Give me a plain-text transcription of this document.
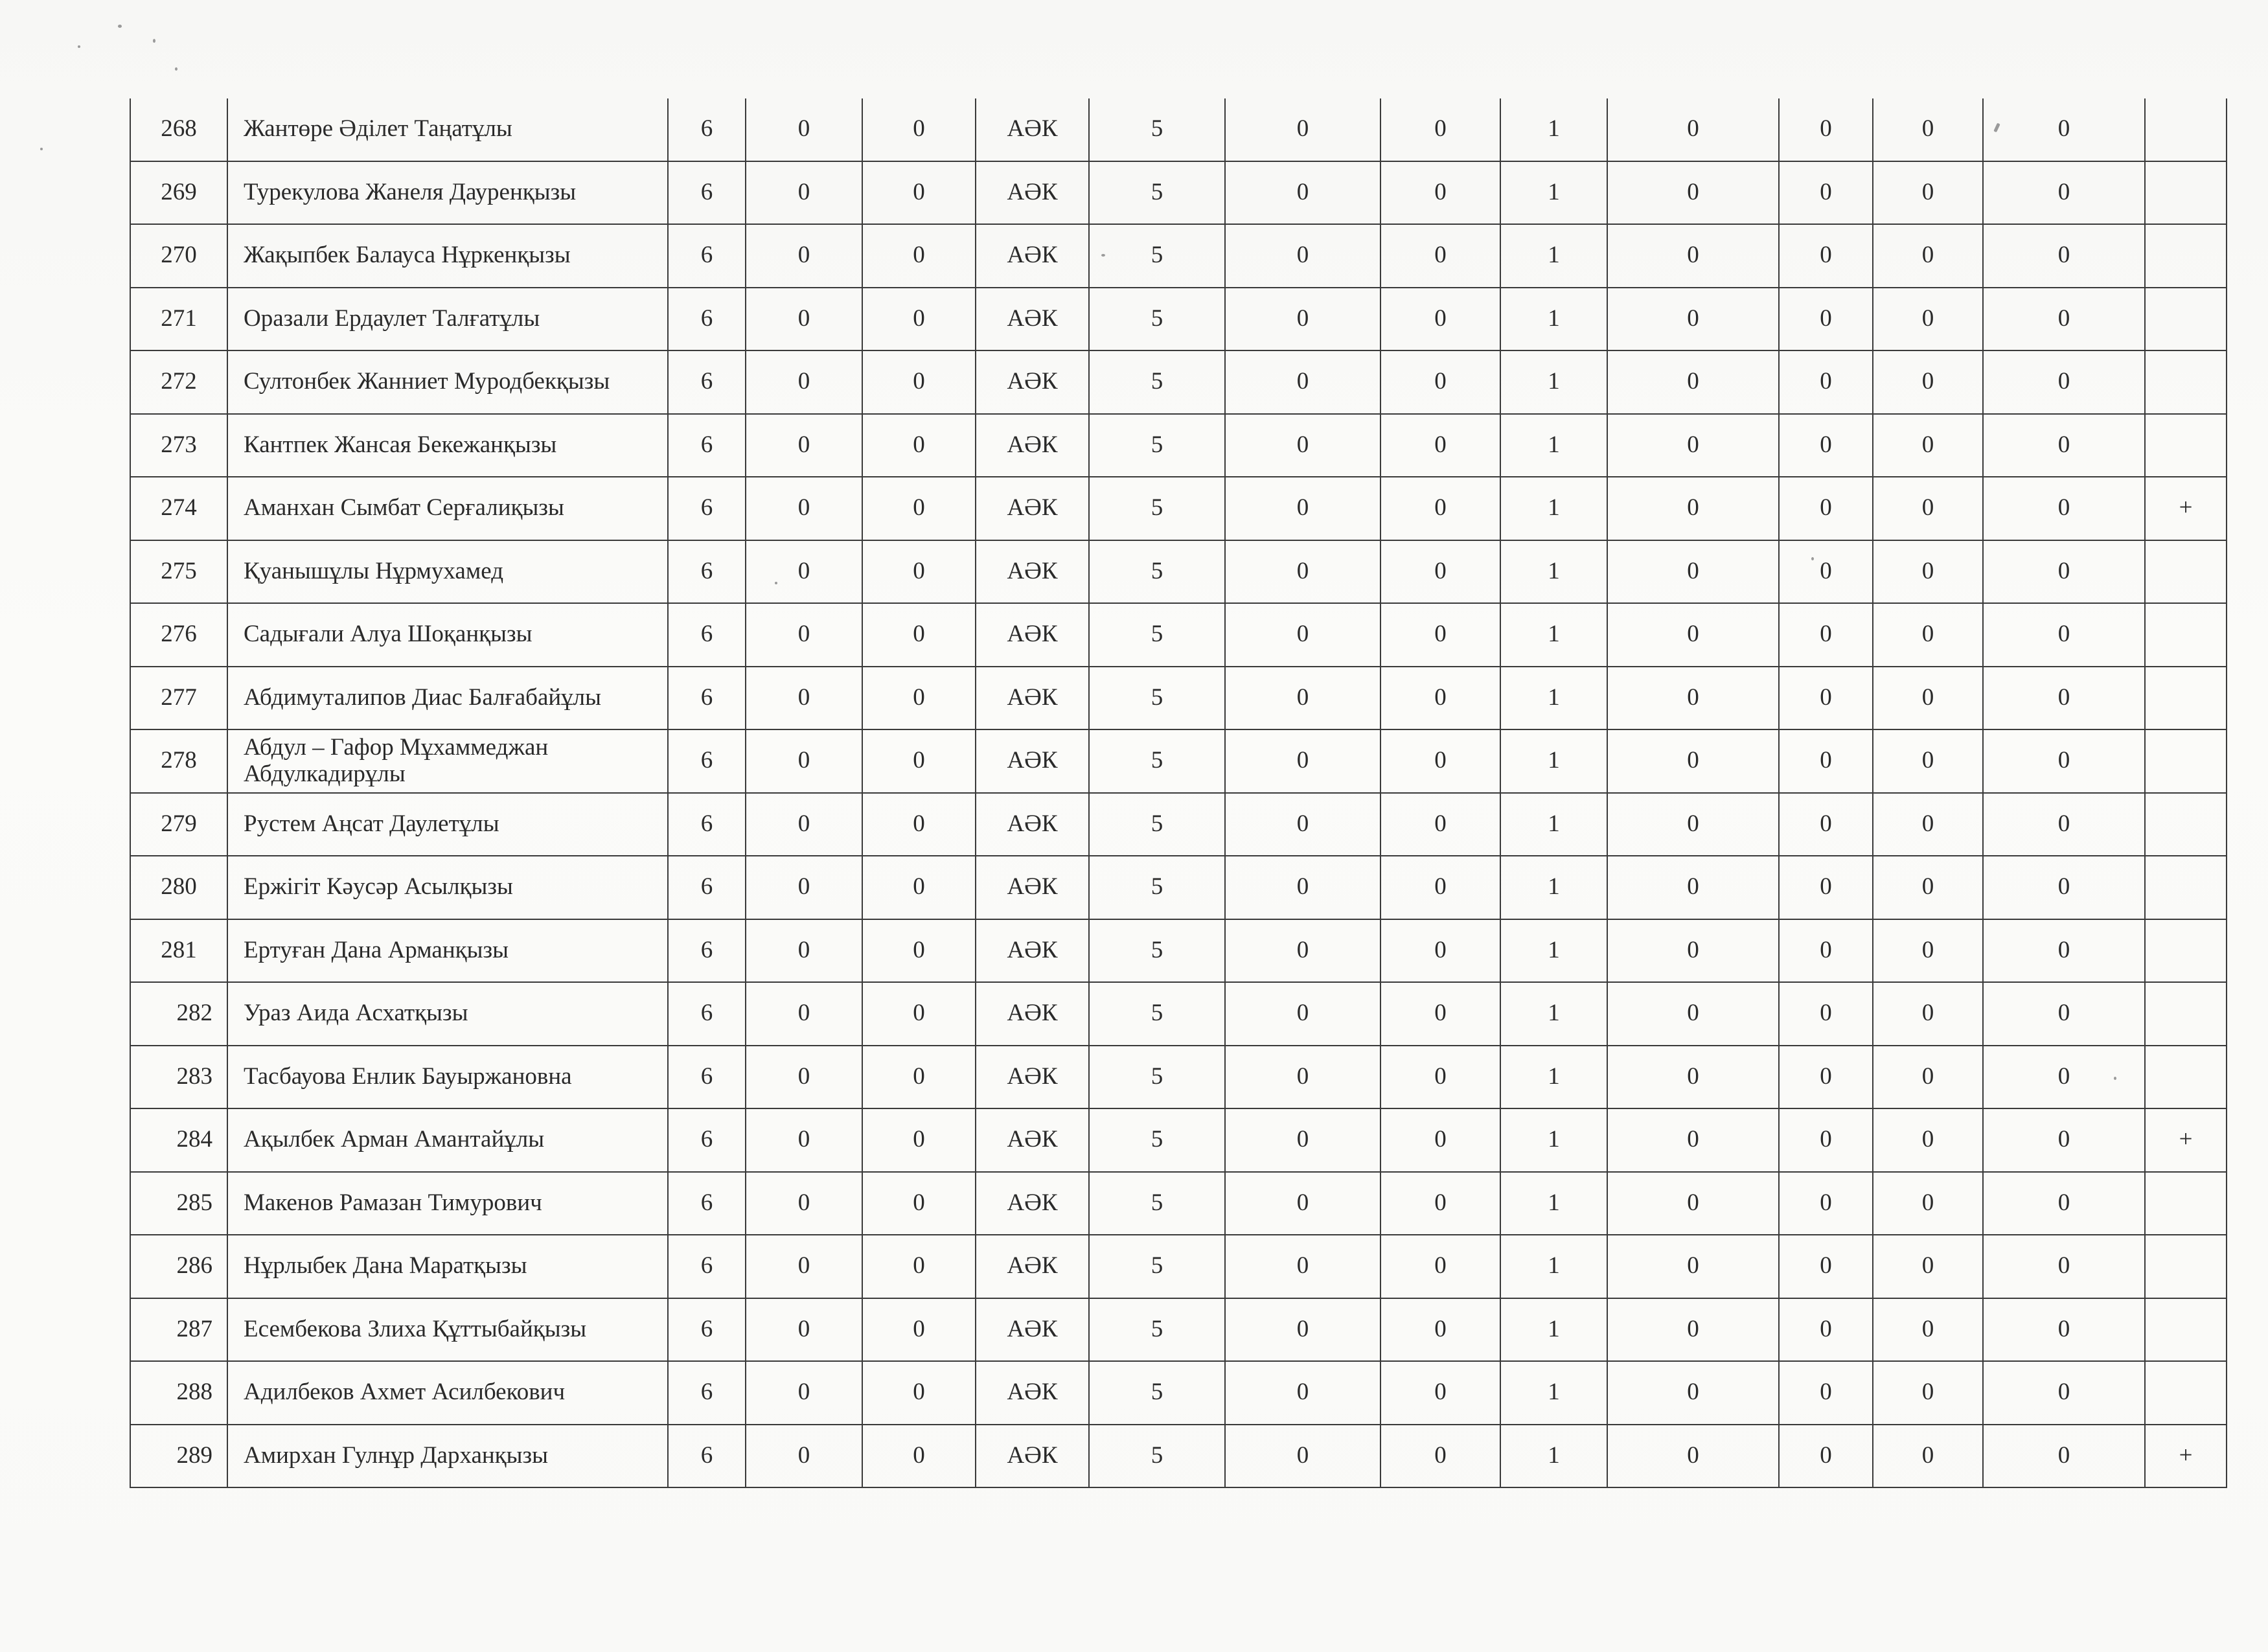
268	Жантөре Әділет Таңатұлы	6	0	0	АӘК	5	0	0	1	0	0	0	0	
269	Турекулова Жанеля Дауренқызы	6	0	0	АӘК	5	0	0	1	0	0	0	0	
270	Жақыпбек Балауса Нұркенқызы	6	0	0	АӘК	5	0	0	1	0	0	0	0	
271	Оразали Ердаулет Талғатұлы	6	0	0	АӘК	5	0	0	1	0	0	0	0	
272	Султонбек Жанниет Муродбекқызы	6	0	0	АӘК	5	0	0	1	0	0	0	0	
273	Кантпек Жансая Бекежанқызы	6	0	0	АӘК	5	0	0	1	0	0	0	0	
274	Аманхан Сымбат Серғалиқызы	6	0	0	АӘК	5	0	0	1	0	0	0	0	+
275	Қуанышұлы Нұрмухамед	6	0	0	АӘК	5	0	0	1	0	0	0	0	
276	Садығали Алуа Шоқанқызы	6	0	0	АӘК	5	0	0	1	0	0	0	0	
277	Абдимуталипов Диас Балғабайұлы	6	0	0	АӘК	5	0	0	1	0	0	0	0	
278	Абдул – Гафор Мұхаммеджан
Абдулкадирұлы	6	0	0	АӘК	5	0	0	1	0	0	0	0	
279	Рустем Аңсат Даулетұлы	6	0	0	АӘК	5	0	0	1	0	0	0	0	
280	Ержігіт Кәусәр Асылқызы	6	0	0	АӘК	5	0	0	1	0	0	0	0	
281	Ертуған Дана Арманқызы	6	0	0	АӘК	5	0	0	1	0	0	0	0	
282	Ураз Аида Асхатқызы	6	0	0	АӘК	5	0	0	1	0	0	0	0	
283	Тасбауова Енлик Бауыржановна	6	0	0	АӘК	5	0	0	1	0	0	0	0	
284	Ақылбек Арман Амантайұлы	6	0	0	АӘК	5	0	0	1	0	0	0	0	+
285	Макенов Рамазан Тимурович	6	0	0	АӘК	5	0	0	1	0	0	0	0	
286	Нұрлыбек Дана Маратқызы	6	0	0	АӘК	5	0	0	1	0	0	0	0	
287	Есембекова Злиха Құттыбайқызы	6	0	0	АӘК	5	0	0	1	0	0	0	0	
288	Адилбеков Ахмет Асилбекович	6	0	0	АӘК	5	0	0	1	0	0	0	0	
289	Амирхан Гулнұр Дарханқызы	6	0	0	АӘК	5	0	0	1	0	0	0	0	+
